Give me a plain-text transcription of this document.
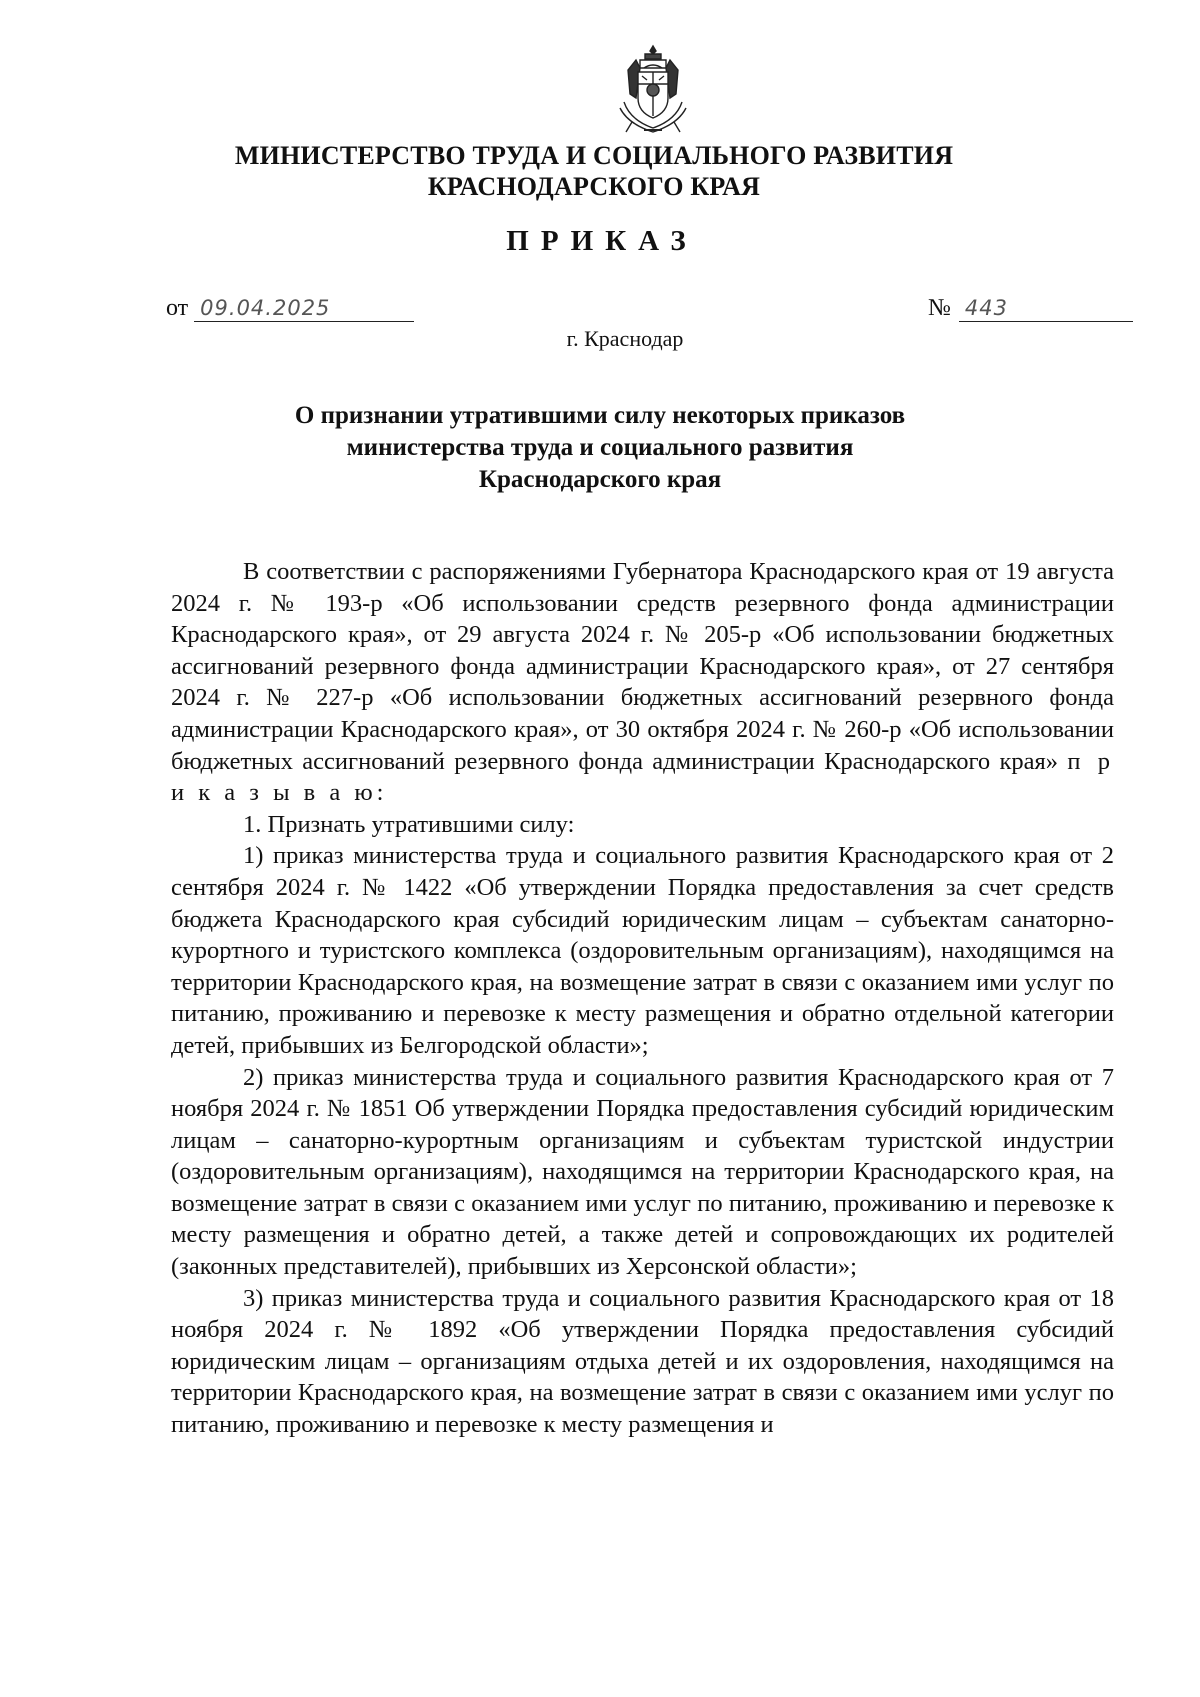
МИНИСТЕРСТВО ТРУДА И СОЦИАЛЬНОГО РАЗВИТИЯ
КРАСНОДАРСКОГО КРАЯ
ПРИКАЗ
от 09.04.2025	№ 443
г. Краснодар
О признании утратившими силу некоторых приказов
министерства труда и социального развития
Краснодарского края

В соответствии с распоряжениями Губернатора Краснодарского края от 19 августа 2024 г. № 193-р «Об использовании средств резервного фонда администрации Краснодарского края», от 29 августа 2024 г. № 205-р «Об использовании бюджетных ассигнований резервного фонда администрации Краснодарского края», от 27 сентября 2024 г. № 227-р «Об использовании бюджетных ассигнований резервного фонда администрации Краснодарского края», от 30 октября 2024 г. № 260-р «Об использовании бюджетных ассигнований резервного фонда администрации Краснодарского края» п р и к а з ы в а ю:

1. Признать утратившими силу:

1) приказ министерства труда и социального развития Краснодарского края от 2 сентября 2024 г. № 1422 «Об утверждении Порядка предоставления за счет средств бюджета Краснодарского края субсидий юридическим лицам – субъектам санаторно-курортного и туристского комплекса (оздоровительным организациям), находящимся на территории Краснодарского края, на возмещение затрат в связи с оказанием ими услуг по питанию, проживанию и перевозке к месту размещения и обратно отдельной категории детей, прибывших из Белгородской области»;

2) приказ министерства труда и социального развития Краснодарского края от 7 ноября 2024 г. № 1851 Об утверждении Порядка предоставления субсидий юридическим лицам – санаторно-курортным организациям и субъектам туристской индустрии (оздоровительным организациям), находящимся на территории Краснодарского края, на возмещение затрат в связи с оказанием ими услуг по питанию, проживанию и перевозке к месту размещения и обратно детей, а также детей и сопровождающих их родителей (законных представителей), прибывших из Херсонской области»;

3) приказ министерства труда и социального развития Краснодарского края от 18 ноября 2024 г. № 1892 «Об утверждении Порядка предоставления субсидий юридическим лицам – организациям отдыха детей и их оздоровления, находящимся на территории Краснодарского края, на возмещение затрат в связи с оказанием ими услуг по питанию, проживанию и перевозке к месту размещения и
